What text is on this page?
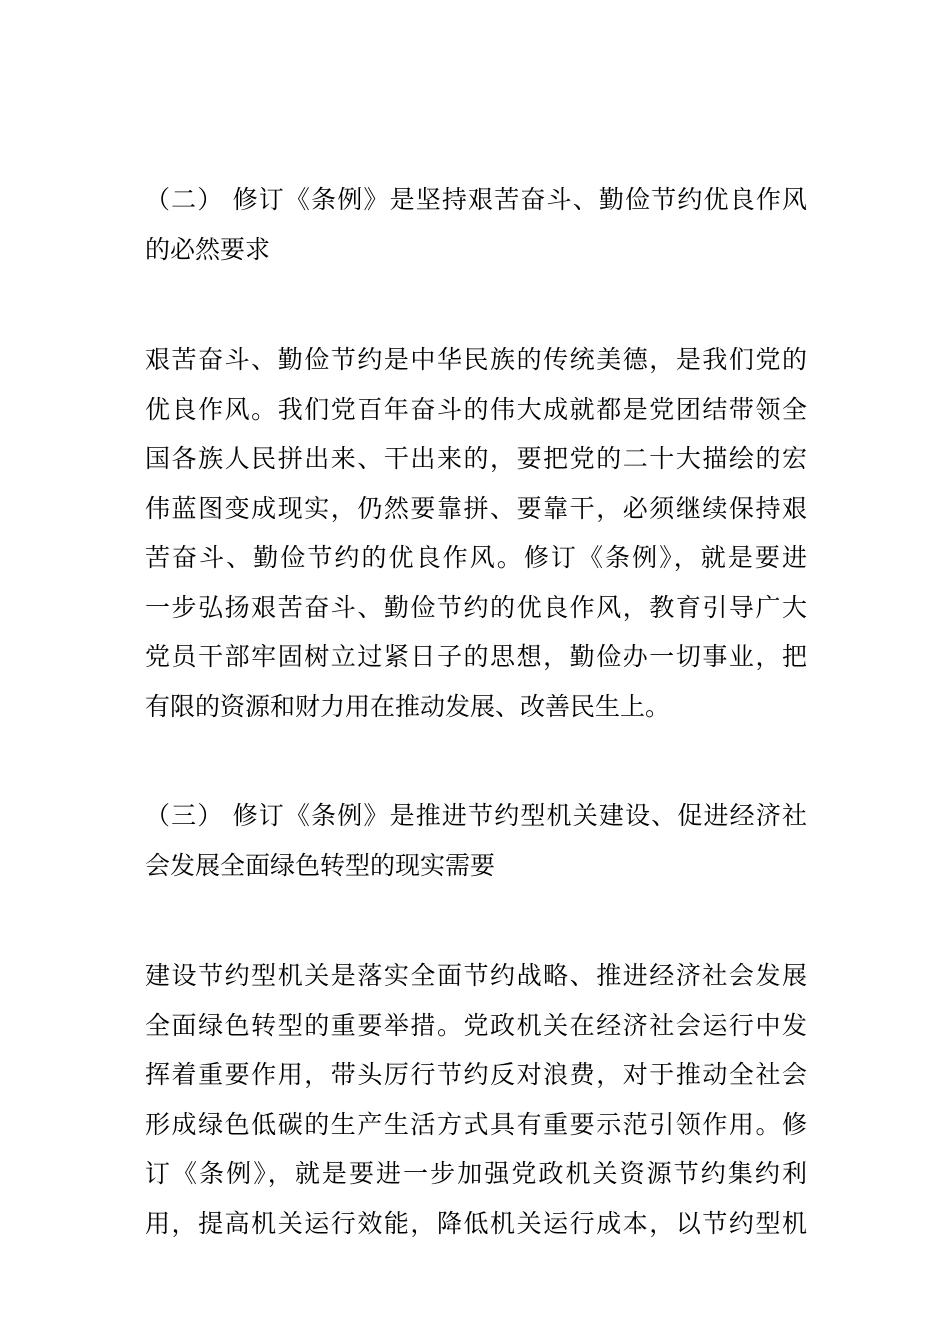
（二） 修订《条例》是坚持艰苦奋斗、勤俭节约优良作风
的必然要求
艰苦奋斗、勤俭节约是中华民族的传统美德，是我们党的
优良作风。我们党百年奋斗的伟大成就都是党团结带领全
国各族人民拼出来、干出来的，要把党的二十大描绘的宏
伟蓝图变成现实，仍然要靠拼、要靠干，必须继续保持艰
苦奋斗、勤俭节约的优良作风。修订《条例》，就是要进
一步弘扬艰苦奋斗、勤俭节约的优良作风，教育引导广大
党员干部牢固树立过紧日子的思想，勤俭办一切事业，把
有限的资源和财力用在推动发展、改善民生上。
（三） 修订《条例》是推进节约型机关建设、促进经济社
会发展全面绿色转型的现实需要
建设节约型机关是落实全面节约战略、推进经济社会发展
全面绿色转型的重要举措。党政机关在经济社会运行中发
挥着重要作用，带头厉行节约反对浪费，对于推动全社会
形成绿色低碳的生产生活方式具有重要示范引领作用。修
订《条例》，就是要进一步加强党政机关资源节约集约利
用，提高机关运行效能，降低机关运行成本，以节约型机
